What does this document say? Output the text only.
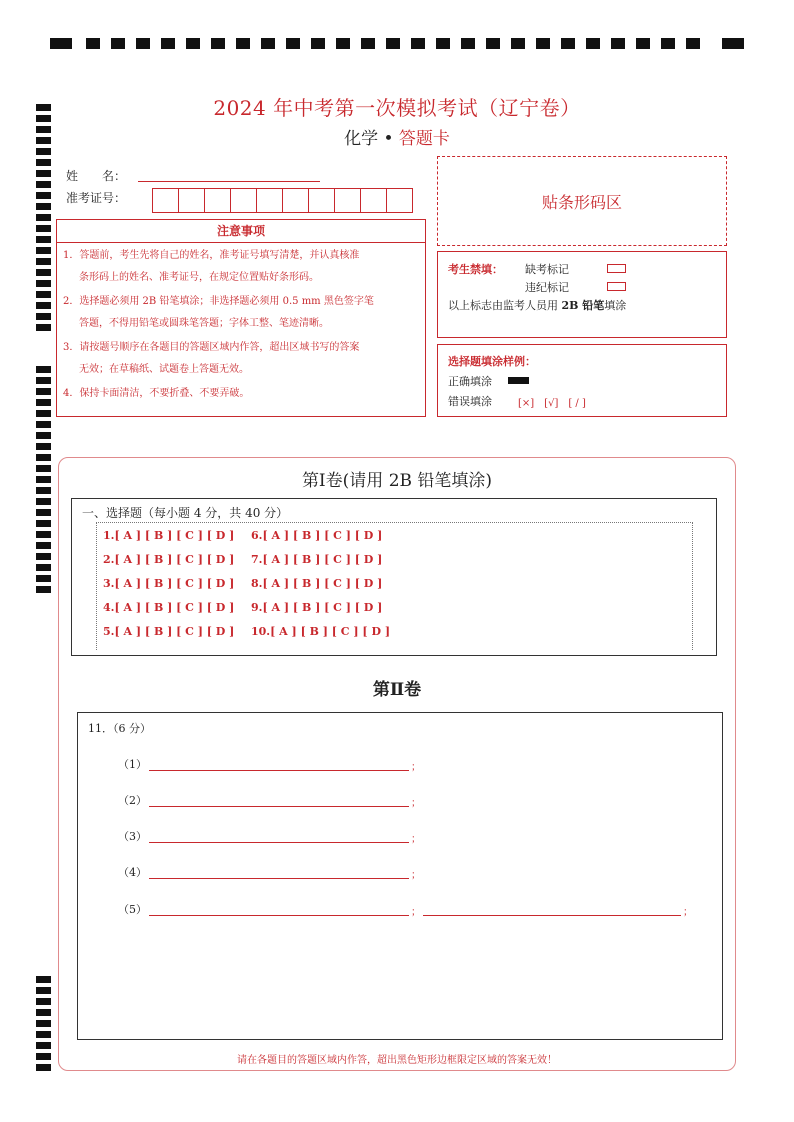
2024 年中考第一次模拟考试（辽宁卷）
化学 • 答题卡
姓　　名：
准考证号：	贴条形码区
注意事项
1．答题前，考生先将自己的姓名，准考证号填写清楚，并认真核准
条形码上的姓名、准考证号，在规定位置贴好条形码。
2．选择题必须用 2B 铅笔填涂；非选择题必须用 0.5 mm 黑色签字笔
答题，不得用铅笔或圆珠笔答题；字体工整、笔迹清晰。
3．请按题号顺序在各题目的答题区域内作答，超出区域书写的答案
无效；在草稿纸、试题卷上答题无效。
4．保持卡面清洁，不要折叠、不要弄破。
考生禁填： 缺考标记
违纪标记
以上标志由监考人员用 2B 铅笔填涂
选择题填涂样例：
正确填涂
错误填涂	[×]　[√]　[ / ]
第Ⅰ卷(请用 2B 铅笔填涂)
一、选择题（每小题 4 分，共 40 分）
1.[ A ] [ B ] [ C ] [ D ]
2.[ A ] [ B ] [ C ] [ D ]
3.[ A ] [ B ] [ C ] [ D ]
4.[ A ] [ B ] [ C ] [ D ]
5.[ A ] [ B ] [ C ] [ D ]
6.[ A ] [ B ] [ C ] [ D ]
7.[ A ] [ B ] [ C ] [ D ]
8.[ A ] [ B ] [ C ] [ D ]
9.[ A ] [ B ] [ C ] [ D ]
10.[ A ] [ B ] [ C ] [ D ]
第Ⅱ卷
11．（6 分）
（1）	；
（2）	；
（3）	；
（4）	；
（5）	；	；
请在各题目的答题区域内作答，超出黑色矩形边框限定区域的答案无效！
